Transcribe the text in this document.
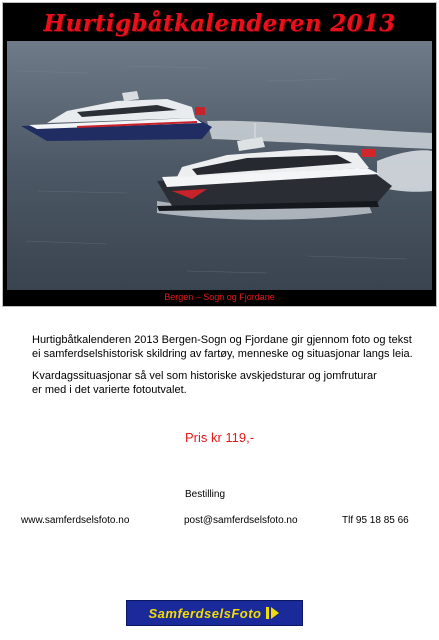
Hurtigbåtkalenderen 2013
Bergen – Sogn og Fjordane

Hurtigbåtkalenderen 2013 Bergen-Sogn og Fjordane gir gjennom foto og tekst
ei samferdselshistorisk skildring av fartøy, menneske og situasjonar langs leia.

Kvardagssituasjonar så vel som historiske avskjedsturar og jomfruturar
er med i det varierte fotoutvalet.

Pris kr 119,-
Bestilling
www.samferdselsfoto.no	post@samferdselsfoto.no	Tlf 95 18 85 66
SamferdselsFoto
